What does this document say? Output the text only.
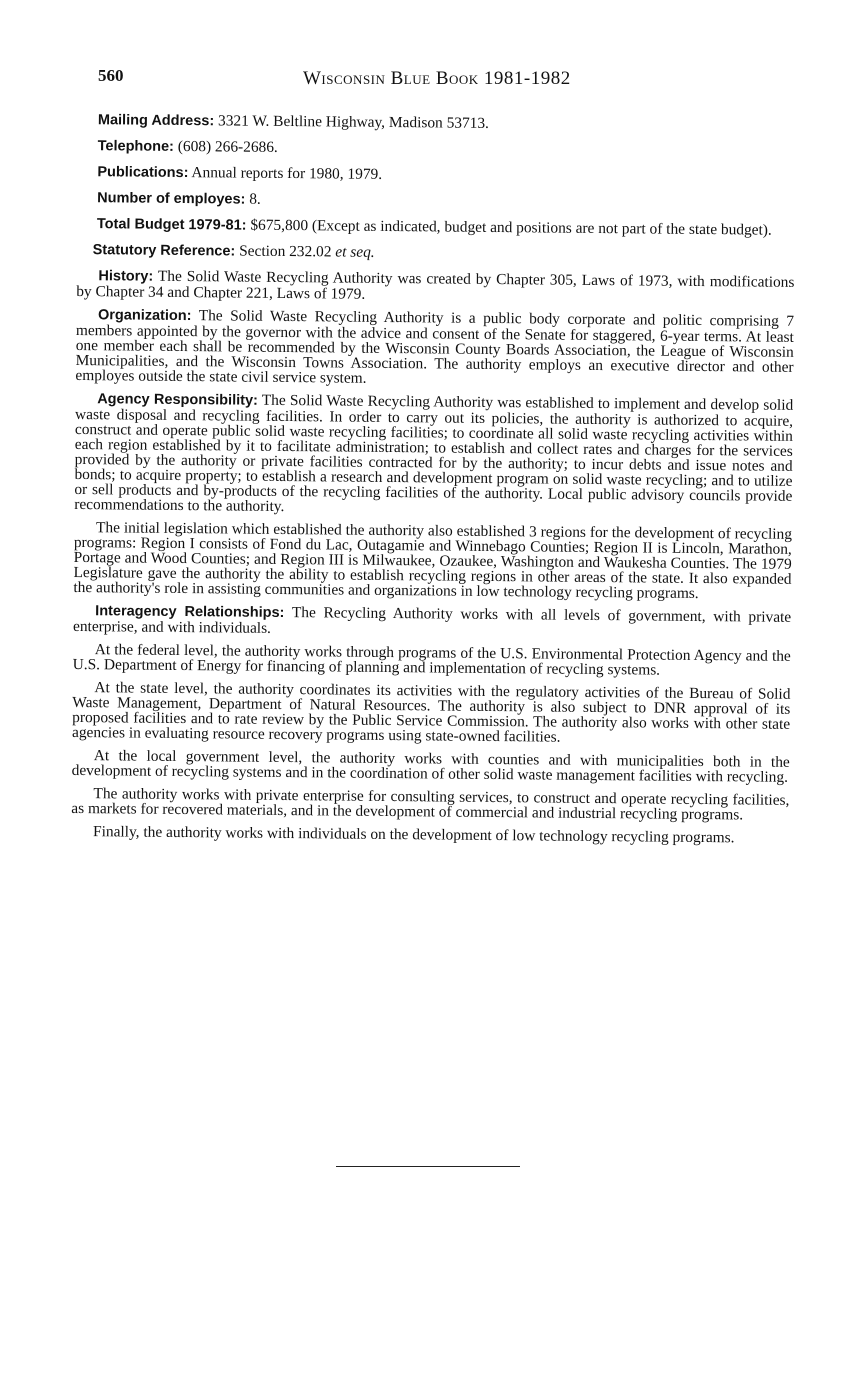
560	Wisconsin Blue Book 1981-1982
Mailing Address: 3321 W. Beltline Highway, Madison 53713.
Telephone: (608) 266-2686.
Publications: Annual reports for 1980, 1979.
Number of employes: 8.
Total Budget 1979-81: $675,800 (Except as indicated, budget and positions are not part of the state budget).
Statutory Reference: Section 232.02 et seq.

History: The Solid Waste Recycling Authority was created by Chapter 305, Laws of 1973, with modifications by Chapter 34 and Chapter 221, Laws of 1979.

Organization: The Solid Waste Recycling Authority is a public body corporate and politic comprising 7 members appointed by the governor with the advice and consent of the Senate for staggered, 6-year terms. At least one member each shall be recommended by the Wisconsin County Boards Association, the League of Wisconsin Municipalities, and the Wisconsin Towns Association. The authority employs an executive director and other employes outside the state civil service system.

Agency Responsibility: The Solid Waste Recycling Authority was established to implement and develop solid waste disposal and recycling facilities. In order to carry out its policies, the authority is authorized to acquire, construct and operate public solid waste recycling facilities; to coordinate all solid waste recycling activities within each region established by it to facilitate administration; to establish and collect rates and charges for the services provided by the authority or private facilities contracted for by the authority; to incur debts and issue notes and bonds; to acquire property; to establish a research and development program on solid waste recycling; and to utilize or sell products and by-products of the recycling facilities of the authority. Local public advisory councils provide recommendations to the authority.

The initial legislation which established the authority also established 3 regions for the development of recycling programs: Region I consists of Fond du Lac, Outagamie and Winnebago Counties; Region II is Lincoln, Marathon, Portage and Wood Counties; and Region III is Milwaukee, Ozaukee, Washington and Waukesha Counties. The 1979 Legislature gave the authority the ability to establish recycling regions in other areas of the state. It also expanded the authority's role in assisting communities and organizations in low technology recycling programs.

Interagency Relationships: The Recycling Authority works with all levels of government, with private enterprise, and with individuals.

At the federal level, the authority works through programs of the U.S. Environmental Protection Agency and the U.S. Department of Energy for financing of planning and implementation of recycling systems.

At the state level, the authority coordinates its activities with the regulatory activities of the Bureau of Solid Waste Management, Department of Natural Resources. The authority is also subject to DNR approval of its proposed facilities and to rate review by the Public Service Commission. The authority also works with other state agencies in evaluating resource recovery programs using state-owned facilities.

At the local government level, the authority works with counties and with municipalities both in the development of recycling systems and in the coordination of other solid waste management facilities with recycling.

The authority works with private enterprise for consulting services, to construct and operate recycling facilities, as markets for recovered materials, and in the development of commercial and industrial recycling programs.

Finally, the authority works with individuals on the development of low technology recycling programs.
